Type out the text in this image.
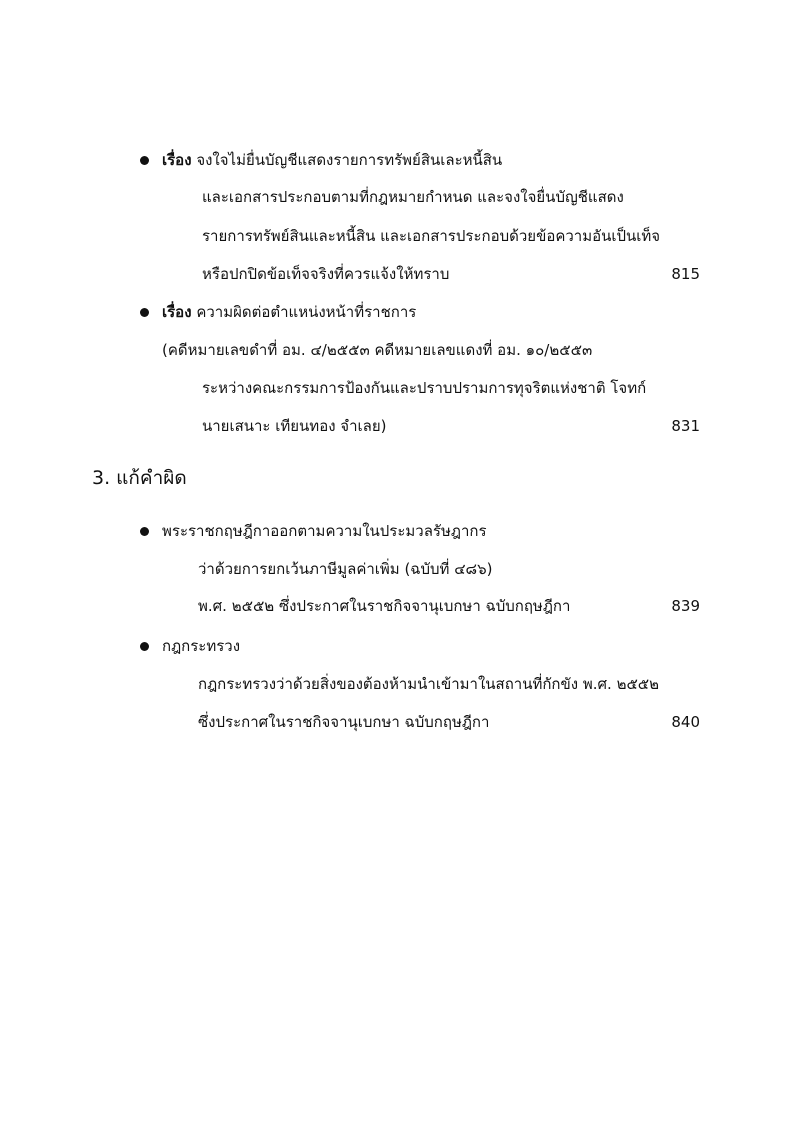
เรื่อง จงใจไม่ยื่นบัญชีแสดงรายการทรัพย์สินเละหนี้สิน
และเอกสารประกอบตามที่กฎหมายกำหนด และจงใจยื่นบัญชีแสดง
รายการทรัพย์สินและหนี้สิน และเอกสารประกอบด้วยข้อความอันเป็นเท็จ
หรือปกปิดข้อเท็จจริงที่ควรแจ้งให้ทราบ	815
เรื่อง ความผิดต่อตำแหน่งหน้าที่ราชการ
(คดีหมายเลขดำที่ อม. ๔/๒๕๕๓ คดีหมายเลขแดงที่ อม. ๑๐/๒๕๕๓
ระหว่างคณะกรรมการป้องกันและปราบปรามการทุจริตแห่งชาติ โจทก์
นายเสนาะ เทียนทอง จำเลย)	831
3. แก้คำผิด
พระราชกฤษฎีกาออกตามความในประมวลรัษฎากร
ว่าด้วยการยกเว้นภาษีมูลค่าเพิ่ม (ฉบับที่ ๔๘๖)
พ.ศ. ๒๕๕๒ ซึ่งประกาศในราชกิจจานุเบกษา ฉบับกฤษฎีกา	839
กฎกระทรวง
กฎกระทรวงว่าด้วยสิ่งของต้องห้ามนำเข้ามาในสถานที่กักขัง พ.ศ. ๒๕๕๒
ซึ่งประกาศในราชกิจจานุเบกษา ฉบับกฤษฎีกา	840
